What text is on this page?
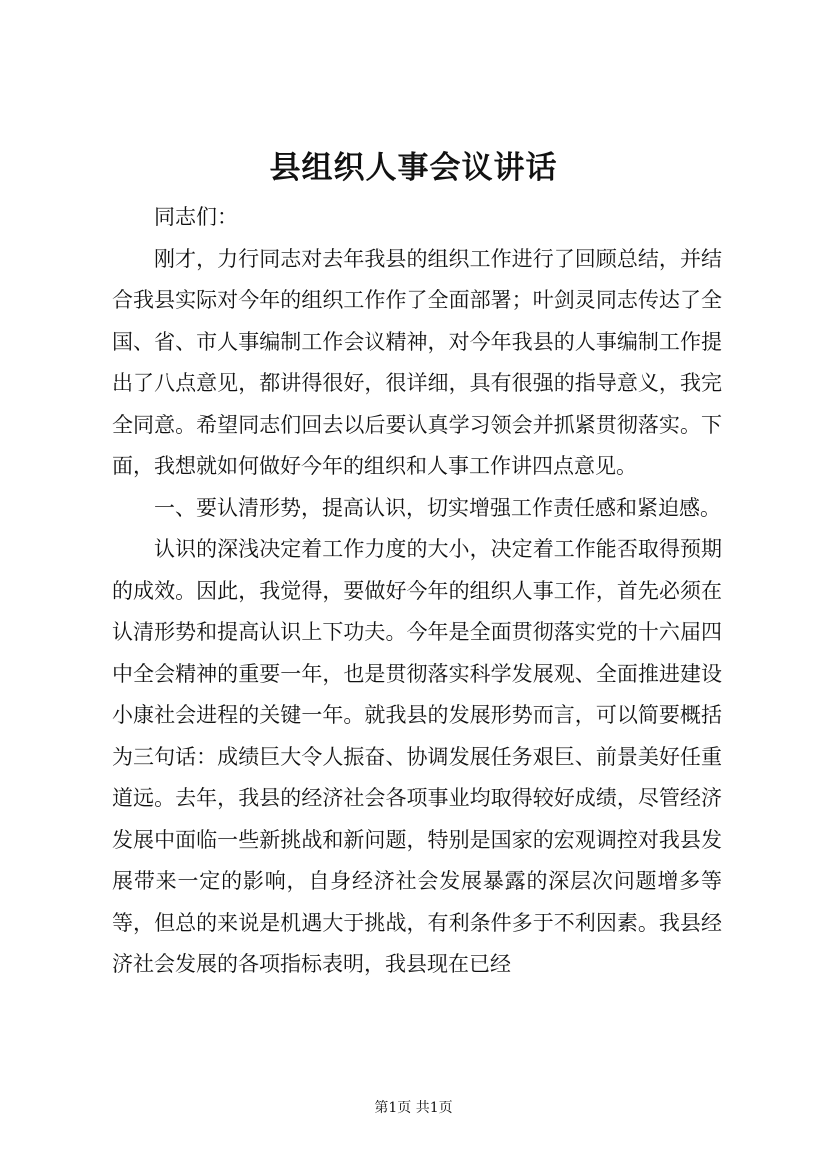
县组织人事会议讲话

同志们：

刚才，力行同志对去年我县的组织工作进行了回顾总结，并结合我县实际对今年的组织工作作了全面部署；叶剑灵同志传达了全国、省、市人事编制工作会议精神，对今年我县的人事编制工作提出了八点意见，都讲得很好，很详细，具有很强的指导意义，我完全同意。希望同志们回去以后要认真学习领会并抓紧贯彻落实。下面，我想就如何做好今年的组织和人事工作讲四点意见。

一、要认清形势，提高认识，切实增强工作责任感和紧迫感。

认识的深浅决定着工作力度的大小，决定着工作能否取得预期的成效。因此，我觉得，要做好今年的组织人事工作，首先必须在认清形势和提高认识上下功夫。今年是全面贯彻落实党的十六届四中全会精神的重要一年，也是贯彻落实科学发展观、全面推进建设小康社会进程的关键一年。就我县的发展形势而言，可以简要概括为三句话：成绩巨大令人振奋、协调发展任务艰巨、前景美好任重道远。去年，我县的经济社会各项事业均取得较好成绩，尽管经济发展中面临一些新挑战和新问题，特别是国家的宏观调控对我县发展带来一定的影响，自身经济社会发展暴露的深层次问题增多等等，但总的来说是机遇大于挑战，有利条件多于不利因素。我县经济社会发展的各项指标表明，我县现在已经

第1页 共1页
